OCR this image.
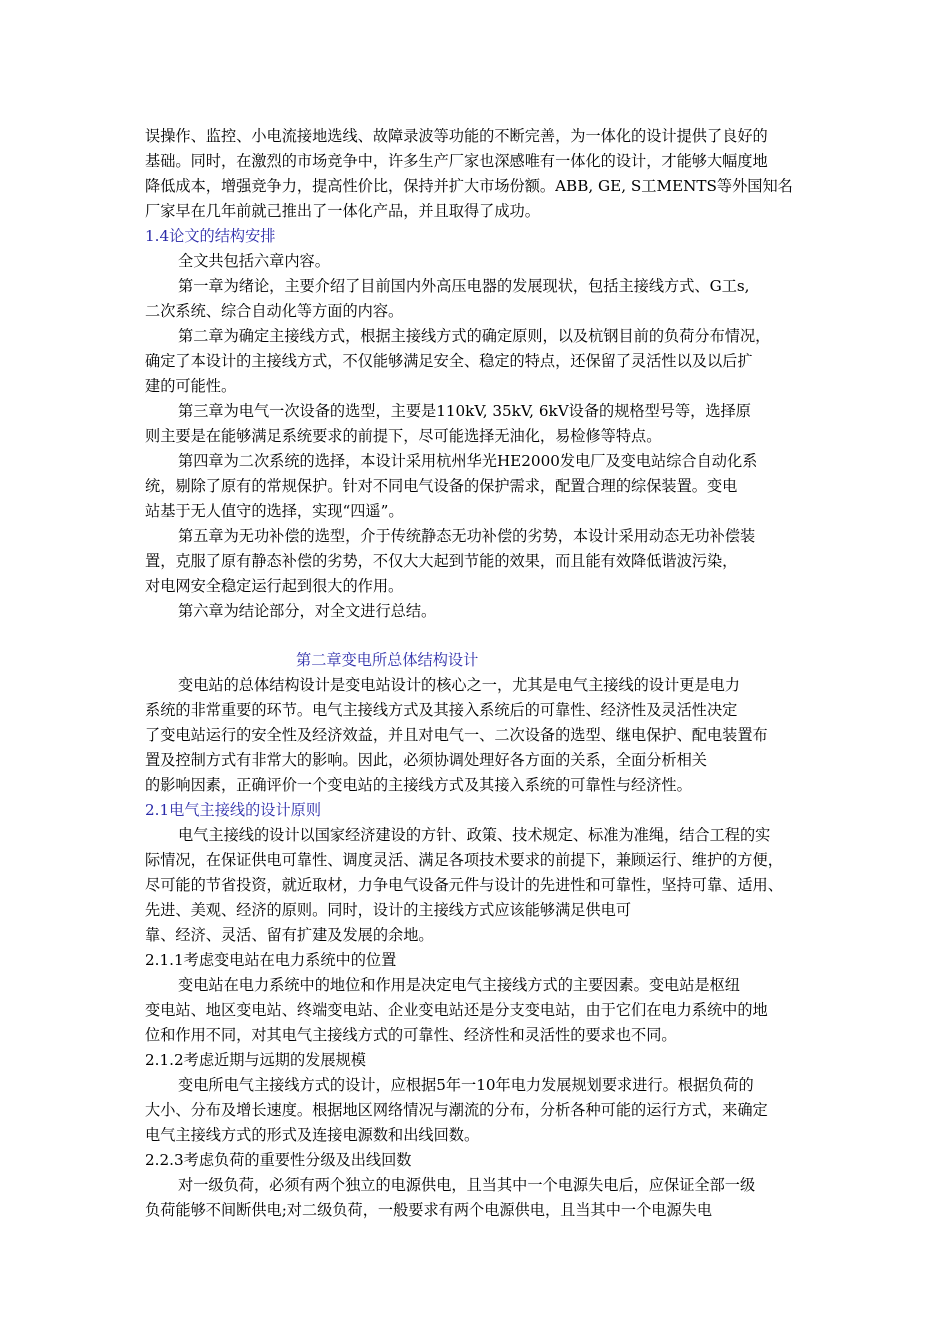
误操作、监控、小电流接地选线、故障录波等功能的不断完善，为一体化的设计提供了良好的
基础。同时，在激烈的市场竞争中，许多生产厂家也深感唯有一体化的设计，才能够大幅度地
降低成本，增强竞争力，提高性价比，保持并扩大市场份额。ABB, GE, S工MENTS等外国知名
厂家早在几年前就己推出了一体化产品，并且取得了成功。
1.4论文的结构安排
全文共包括六章内容。
第一章为绪论，主要介绍了目前国内外高压电器的发展现状，包括主接线方式、G工s,
二次系统、综合自动化等方面的内容。
第二章为确定主接线方式，根据主接线方式的确定原则，以及杭钢目前的负荷分布情况，
确定了本设计的主接线方式，不仅能够满足安全、稳定的特点，还保留了灵活性以及以后扩
建的可能性。
第三章为电气一次设备的选型，主要是110kV, 35kV, 6kV设备的规格型号等，选择原
则主要是在能够满足系统要求的前提下，尽可能选择无油化，易检修等特点。
第四章为二次系统的选择，本设计采用杭州华光HE2000发电厂及变电站综合自动化系
统，剔除了原有的常规保护。针对不同电气设备的保护需求，配置合理的综保装置。变电
站基于无人值守的选择，实现“四遥”。
第五章为无功补偿的选型，介于传统静态无功补偿的劣势，本设计采用动态无功补偿装
置，克服了原有静态补偿的劣势，不仅大大起到节能的效果，而且能有效降低谐波污染，
对电网安全稳定运行起到很大的作用。
第六章为结论部分，对全文进行总结。
第二章变电所总体结构设计
变电站的总体结构设计是变电站设计的核心之一，尤其是电气主接线的设计更是电力
系统的非常重要的环节。电气主接线方式及其接入系统后的可靠性、经济性及灵活性决定
了变电站运行的安全性及经济效益，并且对电气一、二次设备的选型、继电保护、配电装置布
置及控制方式有非常大的影响。因此，必须协调处理好各方面的关系，全面分析相关
的影响因素，正确评价一个变电站的主接线方式及其接入系统的可靠性与经济性。
2.1电气主接线的设计原则
电气主接线的设计以国家经济建设的方针、政策、技术规定、标准为准绳，结合工程的实
际情况，在保证供电可靠性、调度灵活、满足各项技术要求的前提下，兼顾运行、维护的方便，
尽可能的节省投资，就近取材，力争电气设备元件与设计的先进性和可靠性，坚持可靠、适用、
先进、美观、经济的原则。同时，设计的主接线方式应该能够满足供电可
靠、经济、灵活、留有扩建及发展的余地。
2.1.1考虑变电站在电力系统中的位置
变电站在电力系统中的地位和作用是决定电气主接线方式的主要因素。变电站是枢纽
变电站、地区变电站、终端变电站、企业变电站还是分支变电站，由于它们在电力系统中的地
位和作用不同，对其电气主接线方式的可靠性、经济性和灵活性的要求也不同。
2.1.2考虑近期与远期的发展规模
变电所电气主接线方式的设计，应根据5年一10年电力发展规划要求进行。根据负荷的
大小、分布及增长速度。根据地区网络情况与潮流的分布，分析各种可能的运行方式，来确定
电气主接线方式的形式及连接电源数和出线回数。
2.2.3考虑负荷的重要性分级及出线回数
对一级负荷，必须有两个独立的电源供电，且当其中一个电源失电后，应保证全部一级
负荷能够不间断供电;对二级负荷，一般要求有两个电源供电，且当其中一个电源失电
